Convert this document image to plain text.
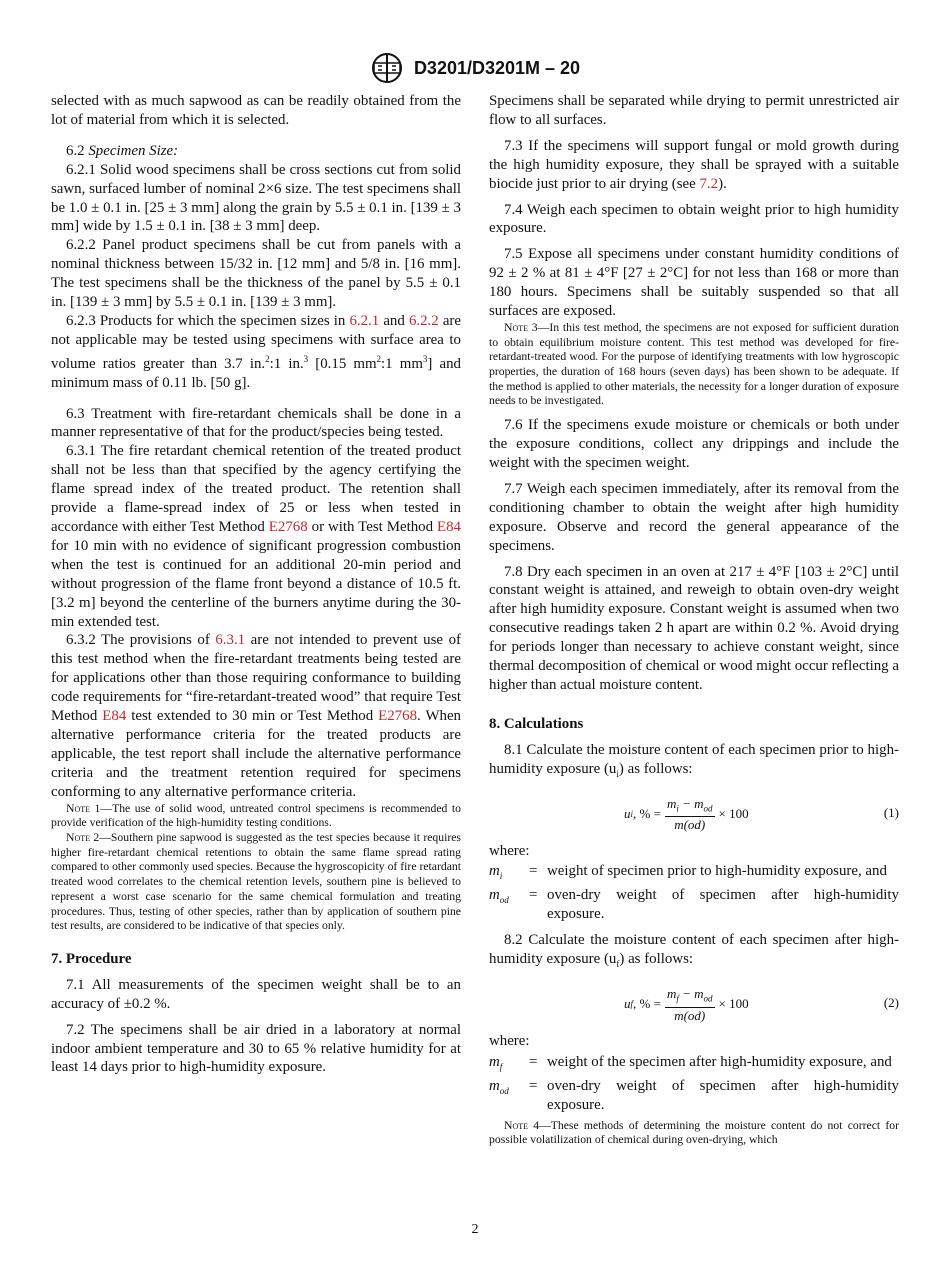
D3201/D3201M – 20

selected with as much sapwood as can be readily obtained from the lot of material from which it is selected.

6.2 Specimen Size:

6.2.1 Solid wood specimens shall be cross sections cut from solid sawn, surfaced lumber of nominal 2×6 size. The test specimens shall be 1.0 ± 0.1 in. [25 ± 3 mm] along the grain by 5.5 ± 0.1 in. [139 ± 3 mm] wide by 1.5 ± 0.1 in. [38 ± 3 mm] deep.

6.2.2 Panel product specimens shall be cut from panels with a nominal thickness between 15/32 in. [12 mm] and 5/8 in. [16 mm]. The test specimens shall be the thickness of the panel by 5.5 ± 0.1 in. [139 ± 3 mm] by 5.5 ± 0.1 in. [139 ± 3 mm].

6.2.3 Products for which the specimen sizes in 6.2.1 and 6.2.2 are not applicable may be tested using specimens with surface area to volume ratios greater than 3.7 in.$^2$:1 in.$^3$ [0.15 $mm^2:1$ $mm^3$] and minimum mass of 0.11 lb. [50 g].

6.3 Treatment with fire-retardant chemicals shall be done in a manner representative of that for the product/species being tested.

6.3.1 The fire retardant chemical retention of the treated product shall not be less than that specified by the agency certifying the flame spread index of the treated product. The retention shall provide a flame-spread index of 25 or less when tested in accordance with either Test Method E2768 or with Test Method E84 for 10 min with no evidence of significant progression combustion when the test is continued for an additional 20-min period and without progression of the flame front beyond a distance of 10.5 ft. [3.2 m] beyond the centerline of the burners anytime during the 30-min extended test.

6.3.2 The provisions of 6.3.1 are not intended to prevent use of this test method when the fire-retardant treatments being tested are for applications other than those requiring conformance to building code requirements for “fire-retardant-treated wood” that require Test Method E84 test extended to 30 min or Test Method E2768. When alternative performance criteria for the treated products are applicable, the test report shall include the alternative performance criteria and the treatment retention required for specimens conforming to any alternative performance criteria.

Note 1—The use of solid wood, untreated control specimens is recommended to provide verification of the high-humidity testing conditions.

Note 2—Southern pine sapwood is suggested as the test species because it requires higher fire-retardant chemical retentions to obtain the same flame spread rating compared to other commonly used species. Because the hygroscopicity of fire retardant treated wood correlates to the chemical retention levels, southern pine is believed to represent a worst case scenario for the same chemical formulation and treating procedures. Thus, testing of other species, rather than by application of southern pine test results, are considered to be indicative of that species only.

7. Procedure

7.1 All measurements of the specimen weight shall be to an accuracy of ±0.2 %.

7.2 The specimens shall be air dried in a laboratory at normal indoor ambient temperature and 30 to 65 % relative humidity for at least 14 days prior to high-humidity exposure.

Specimens shall be separated while drying to permit unrestricted air flow to all surfaces.

7.3 If the specimens will support fungal or mold growth during the high humidity exposure, they shall be sprayed with a suitable biocide just prior to air drying (see 7.2).

7.4 Weigh each specimen to obtain weight prior to high humidity exposure.

7.5 Expose all specimens under constant humidity conditions of 92 ± 2 % at 81 ± 4°F [27 ± 2°C] for not less than 168 or more than 180 hours. Specimens shall be suitably suspended so that all surfaces are exposed.

Note 3—In this test method, the specimens are not exposed for sufficient duration to obtain equilibrium moisture content. This test method was developed for fire-retardant-treated wood. For the purpose of identifying treatments with low hygroscopic properties, the duration of 168 hours (seven days) has been shown to be adequate. If the method is applied to other materials, the necessity for a longer duration of exposure needs to be investigated.

7.6 If the specimens exude moisture or chemicals or both under the exposure conditions, collect any drippings and include the weight with the specimen weight.

7.7 Weigh each specimen immediately, after its removal from the conditioning chamber to obtain the weight after high humidity exposure. Observe and record the general appearance of the specimens.

7.8 Dry each specimen in an oven at 217 ± 4°F [103 ± 2°C] until constant weight is attained, and reweigh to obtain oven-dry weight after high humidity exposure. Constant weight is assumed when two consecutive readings taken 2 h apart are within 0.2 %. Avoid drying for periods longer than necessary to achieve constant weight, since thermal decomposition of chemical or wood might occur reflecting a higher than actual moisture content.

8. Calculations

8.1 Calculate the moisture content of each specimen prior to high-humidity exposure $(u_i)$ as follows:

u i , % = $\frac{m_i - m_{od}}{m(od)} \times 100$	(1)

where:

$m_i$	= weight of specimen prior to high-humidity exposure, and
$m_{od}$	= oven-dry weight of specimen after high-humidity exposure.

8.2 Calculate the moisture content of each specimen after high-humidity exposure $(u_f)$ as follows:

u f , % = $\frac{m_f - m_{od}}{m(od)} \times 100$	(2)

where:

$m_f$	= weight of the specimen after high-humidity exposure, and
$m_{od}$	= oven-dry weight of specimen after high-humidity exposure.

Note 4—These methods of determining the moisture content do not correct for possible volatilization of chemical during oven-drying, which

2
